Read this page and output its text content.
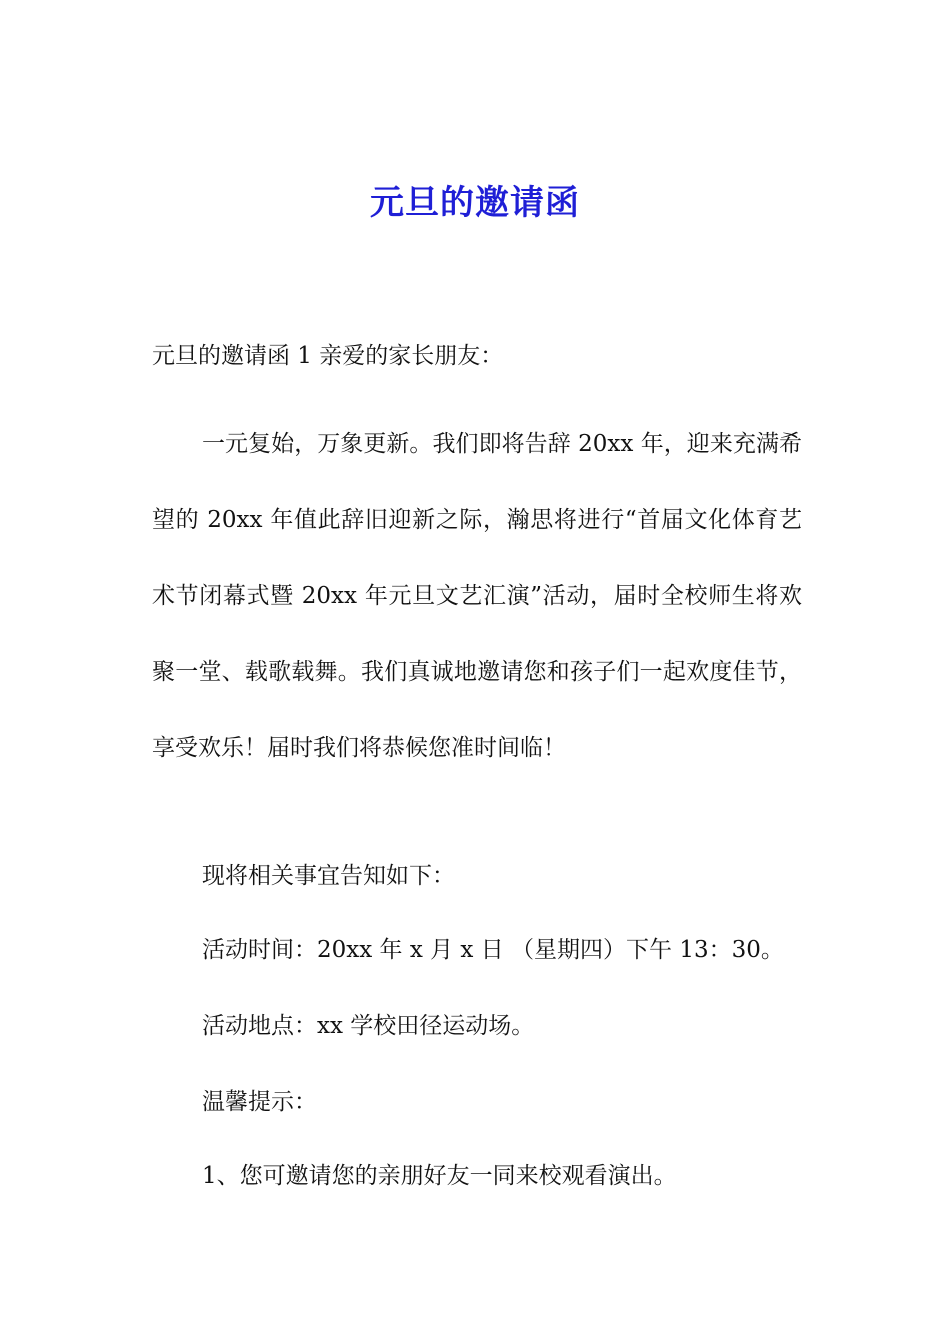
元旦的邀请函

元旦的邀请函 1 亲爱的家长朋友：

一元复始，万象更新。我们即将告辞 20xx 年，迎来充满希望的 20xx 年值此辞旧迎新之际，瀚思将进行“首届文化体育艺术节闭幕式暨 20xx 年元旦文艺汇演”活动，届时全校师生将欢聚一堂、载歌载舞。我们真诚地邀请您和孩子们一起欢度佳节，享受欢乐！届时我们将恭候您准时间临！

现将相关事宜告知如下：

活动时间：20xx 年 x 月 x 日 （星期四）下午 13：30。

活动地点：xx 学校田径运动场。

温馨提示：

1、您可邀请您的亲朋好友一同来校观看演出。
